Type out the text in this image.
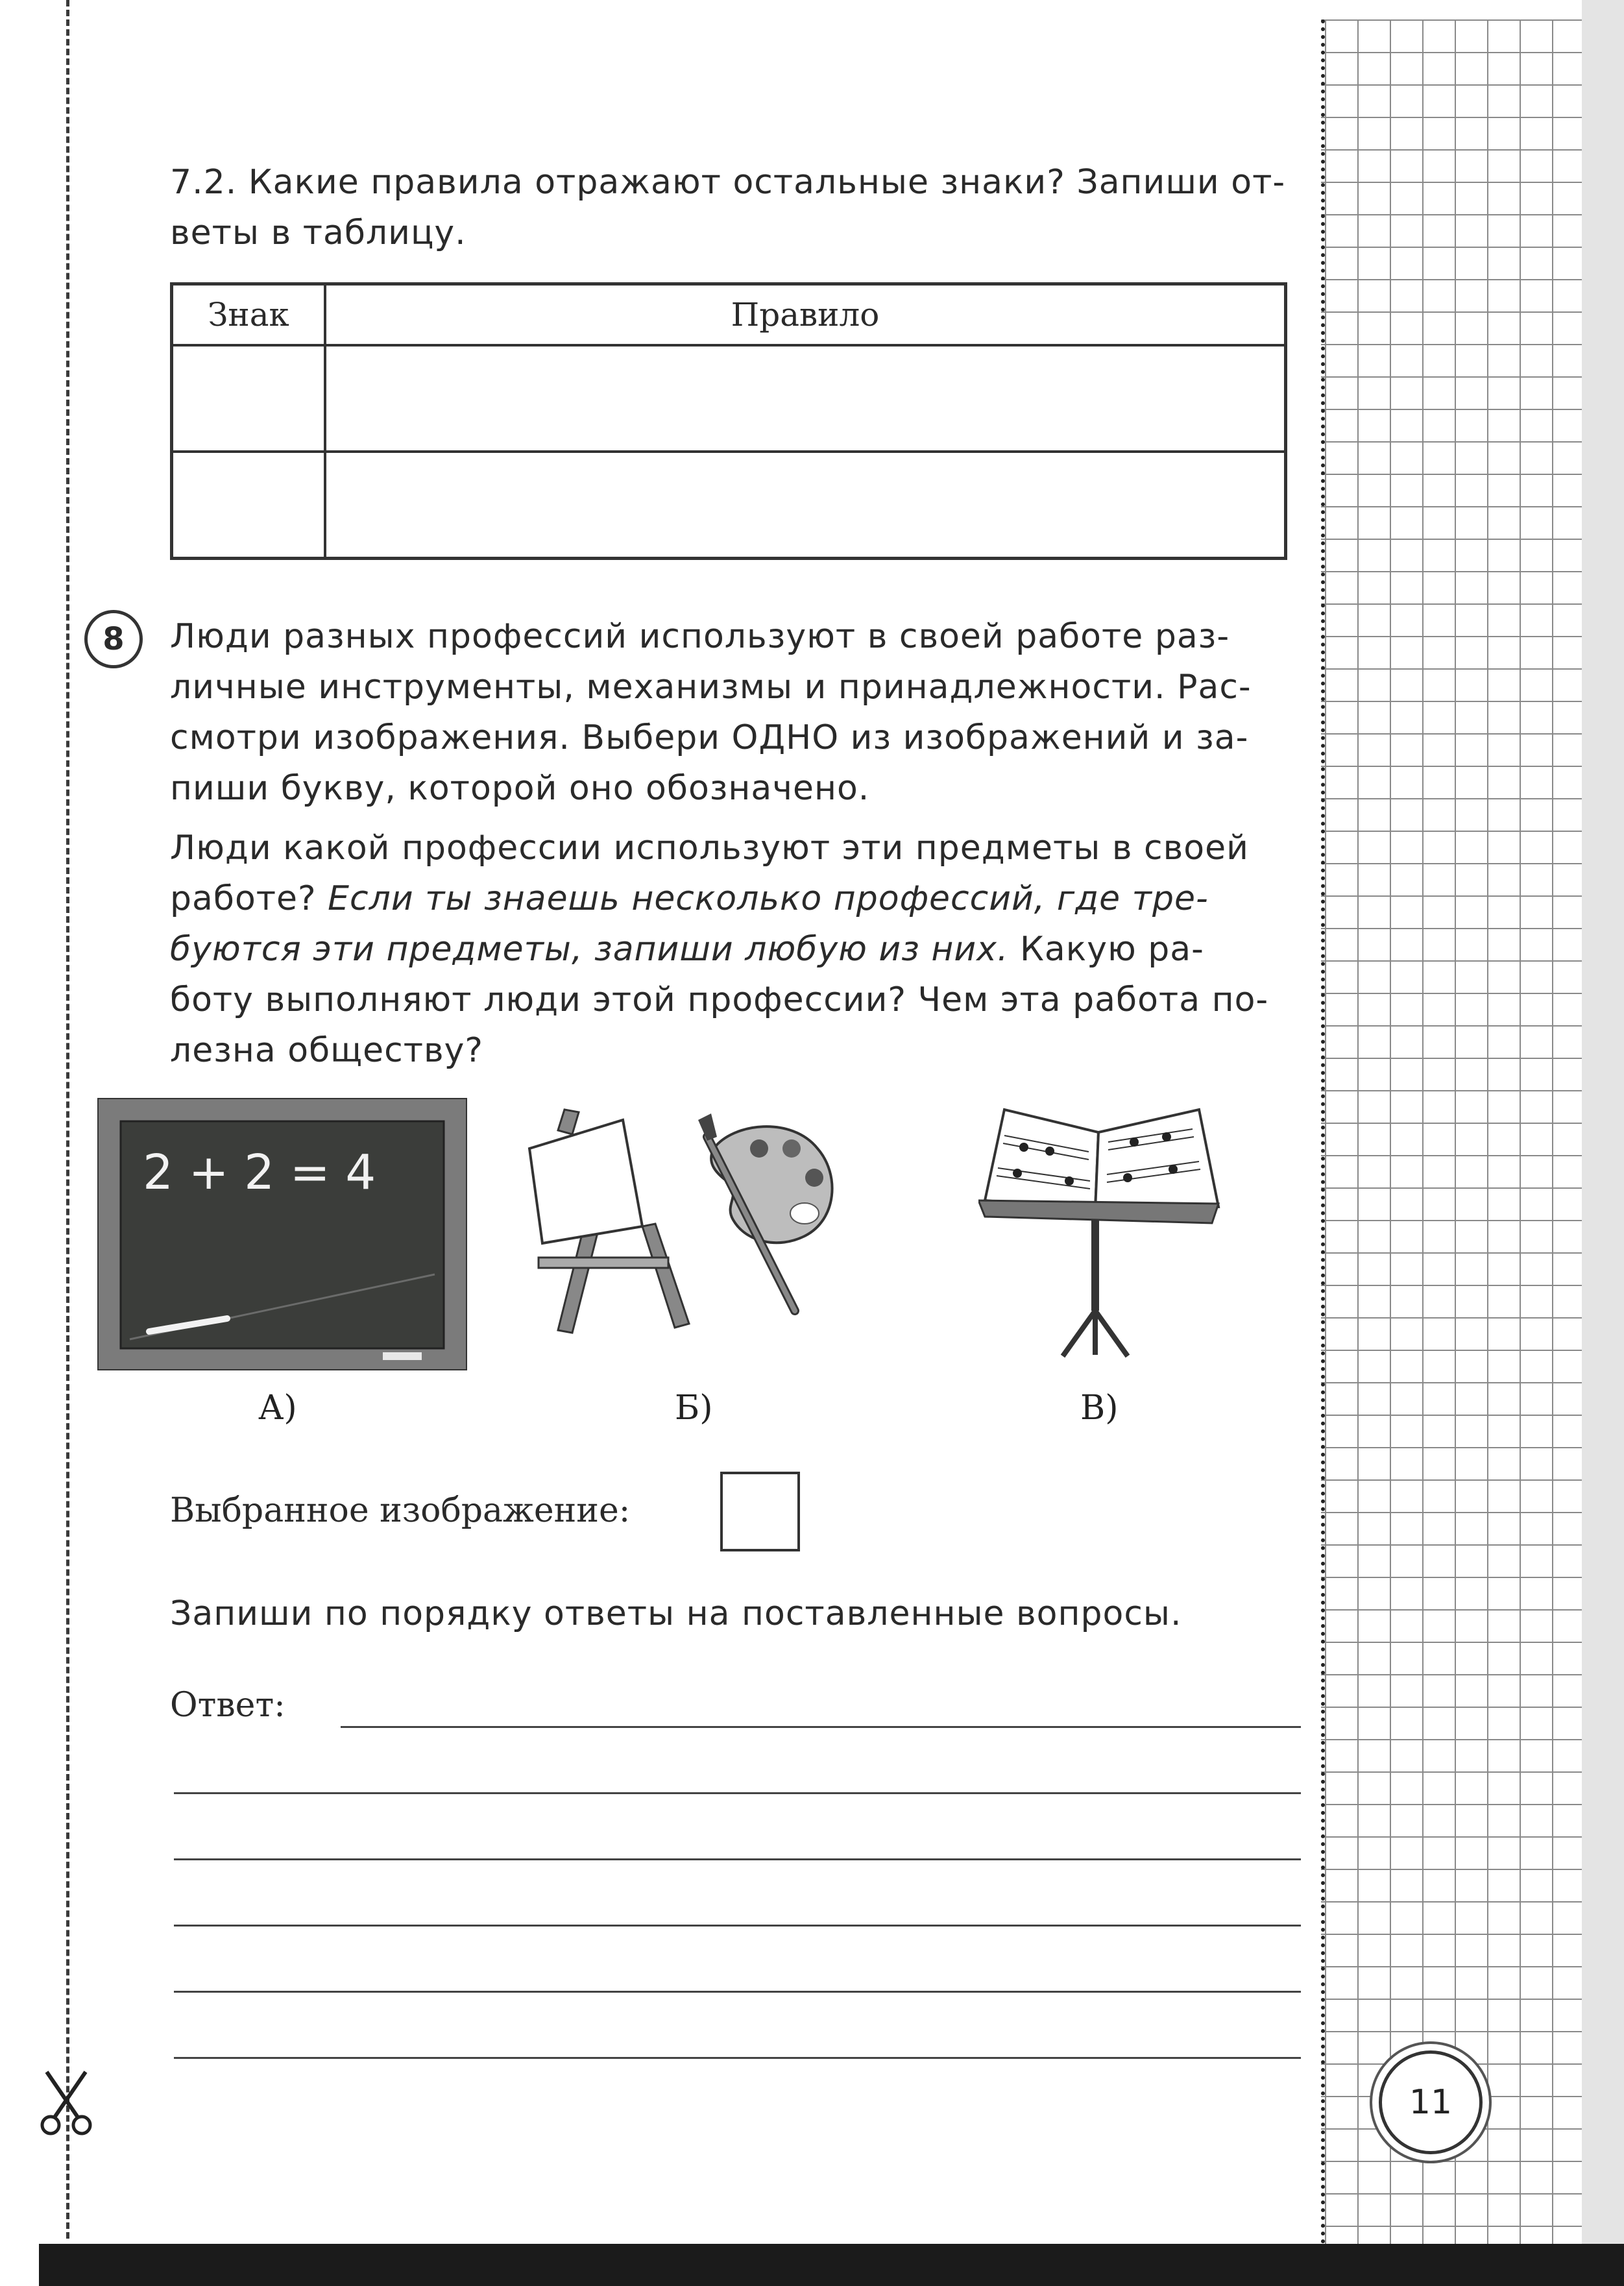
7.2. Какие правила отражают остальные знаки? Запиши от-

веты в таблицу.

Знак	Правило

8	Люди разных профессий используют в своей работе раз-

личные инструменты, механизмы и принадлежности. Рас-

смотри изображения. Выбери ОДНО из изображений и за-

пиши букву, которой оно обозначено.

Люди какой профессии используют эти предметы в своей

работе? Если ты знаешь несколько профессий, где тре-

буются эти предметы, запиши любую из них. Какую ра-

боту выполняют люди этой профессии? Чем эта работа по-

лезна обществу?

2 + 2 = 4
А)	Б)	В)
Выбранное изображение:

Запиши по порядку ответы на поставленные вопросы.

Ответ:
11
